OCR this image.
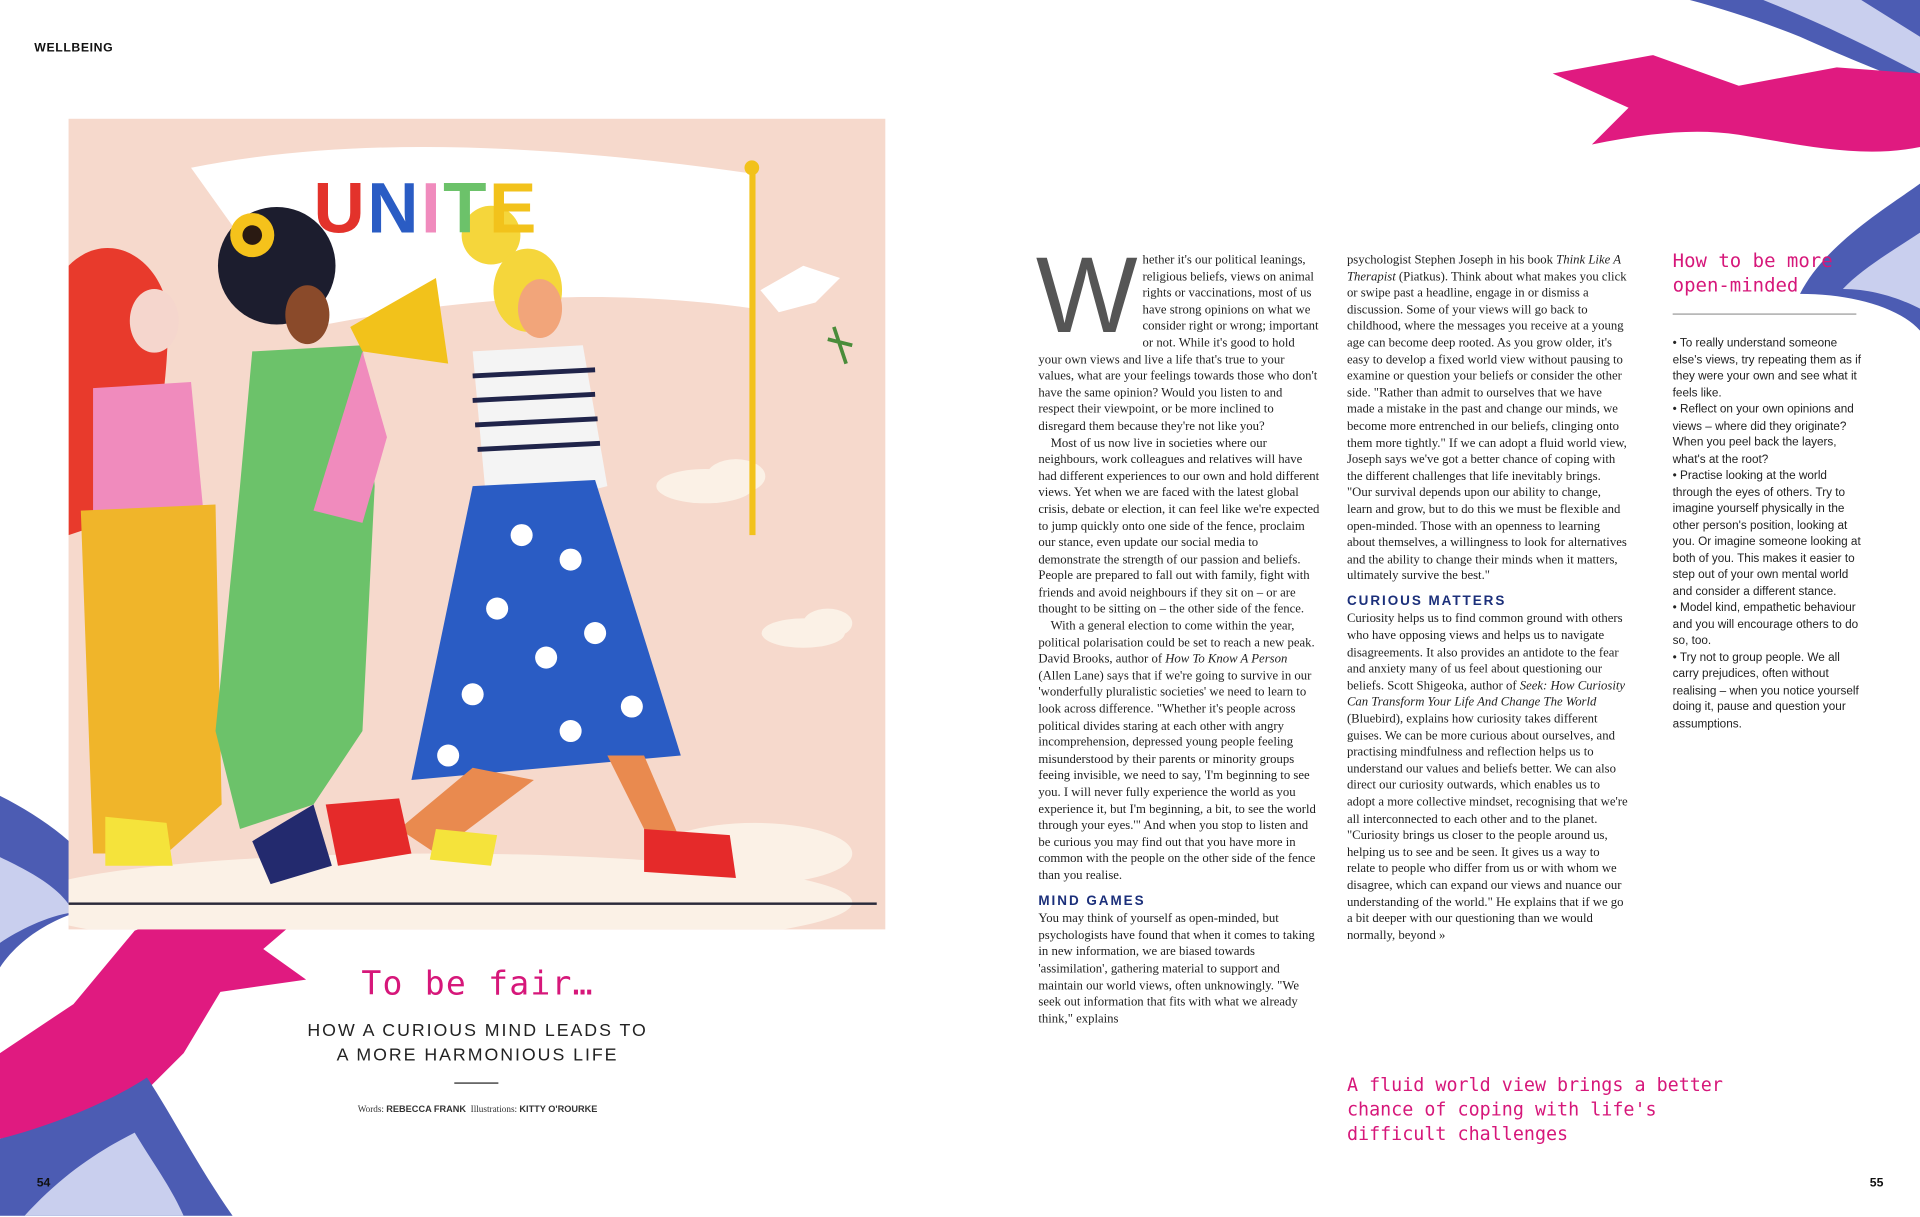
WELLBEING
UNITE
To be fair…
HOW A CURIOUS MIND LEADS TO
A MORE HARMONIOUS LIFE
Words: REBECCA FRANK Illustrations: KITTY O'ROURKE
W hether it's our political leanings, religious beliefs, views on animal rights or vaccinations, most of us have strong opinions on what we consider right or wrong; important or not. While it's good to hold your own views and live a life that's true to your values, what are your feelings towards those who don't have the same opinion? Would you listen to and respect their viewpoint, or be more inclined to disregard them because they're not like you?

Most of us now live in societies where our neighbours, work colleagues and relatives will have had different experiences to our own and hold different views. Yet when we are faced with the latest global crisis, debate or election, it can feel like we're expected to jump quickly onto one side of the fence, proclaim our stance, even update our social media to demonstrate the strength of our passion and beliefs. People are prepared to fall out with family, fight with friends and avoid neighbours if they sit on – or are thought to be sitting on – the other side of the fence.

With a general election to come within the year, political polarisation could be set to reach a new peak. David Brooks, author of How To Know A Person (Allen Lane) says that if we're going to survive in our 'wonderfully pluralistic societies' we need to learn to look across difference. "Whether it's people across political divides staring at each other with angry incomprehension, depressed young people feeling misunderstood by their parents or minority groups feeing invisible, we need to say, 'I'm beginning to see you. I will never fully experience the world as you experience it, but I'm beginning, a bit, to see the world through your eyes.'" And when you stop to listen and be curious you may find out that you have more in common with the people on the other side of the fence than you realise.

MIND GAMES

You may think of yourself as open-minded, but psychologists have found that when it comes to taking in new information, we are biased towards 'assimilation', gathering material to support and maintain our world views, often unknowingly. "We seek out information that fits with what we already think," explains

psychologist Stephen Joseph in his book Think Like A Therapist (Piatkus). Think about what makes you click or swipe past a headline, engage in or dismiss a discussion. Some of your views will go back to childhood, where the messages you receive at a young age can become deep rooted. As you grow older, it's easy to develop a fixed world view without pausing to examine or question your beliefs or consider the other side. "Rather than admit to ourselves that we have made a mistake in the past and change our minds, we become more entrenched in our beliefs, clinging onto them more tightly." If we can adopt a fluid world view, Joseph says we've got a better chance of coping with the different challenges that life inevitably brings. "Our survival depends upon our ability to change, learn and grow, but to do this we must be flexible and open-minded. Those with an openness to learning about themselves, a willingness to look for alternatives and the ability to change their minds when it matters, ultimately survive the best."

CURIOUS MATTERS

Curiosity helps us to find common ground with others who have opposing views and helps us to navigate disagreements. It also provides an antidote to the fear and anxiety many of us feel about questioning our beliefs. Scott Shigeoka, author of Seek: How Curiosity Can Transform Your Life And Change The World (Bluebird), explains how curiosity takes different guises. We can be more curious about ourselves, and practising mindfulness and reflection helps us to understand our values and beliefs better. We can also direct our curiosity outwards, which enables us to adopt a more collective mindset, recognising that we're all interconnected to each other and to the planet. "Curiosity brings us closer to the people around us, helping us to see and be seen. It gives us a way to relate to people who differ from us or with whom we disagree, which can expand our views and nuance our understanding of the world." He explains that if we go a bit deeper with our questioning than we would normally, beyond »

A fluid world view brings a better chance of coping with life's difficult challenges
How to be more
open-minded
• To really understand someone else's views, try repeating them as if they were your own and see what it feels like.
• Reflect on your own opinions and views – where did they originate? When you peel back the layers, what's at the root?
• Practise looking at the world through the eyes of others. Try to imagine yourself physically in the other person's position, looking at you. Or imagine someone looking at both of you. This makes it easier to step out of your own mental world and consider a different stance.
• Model kind, empathetic behaviour and you will encourage others to do so, too.
• Try not to group people. We all carry prejudices, often without realising – when you notice yourself doing it, pause and question your assumptions.
54	55
